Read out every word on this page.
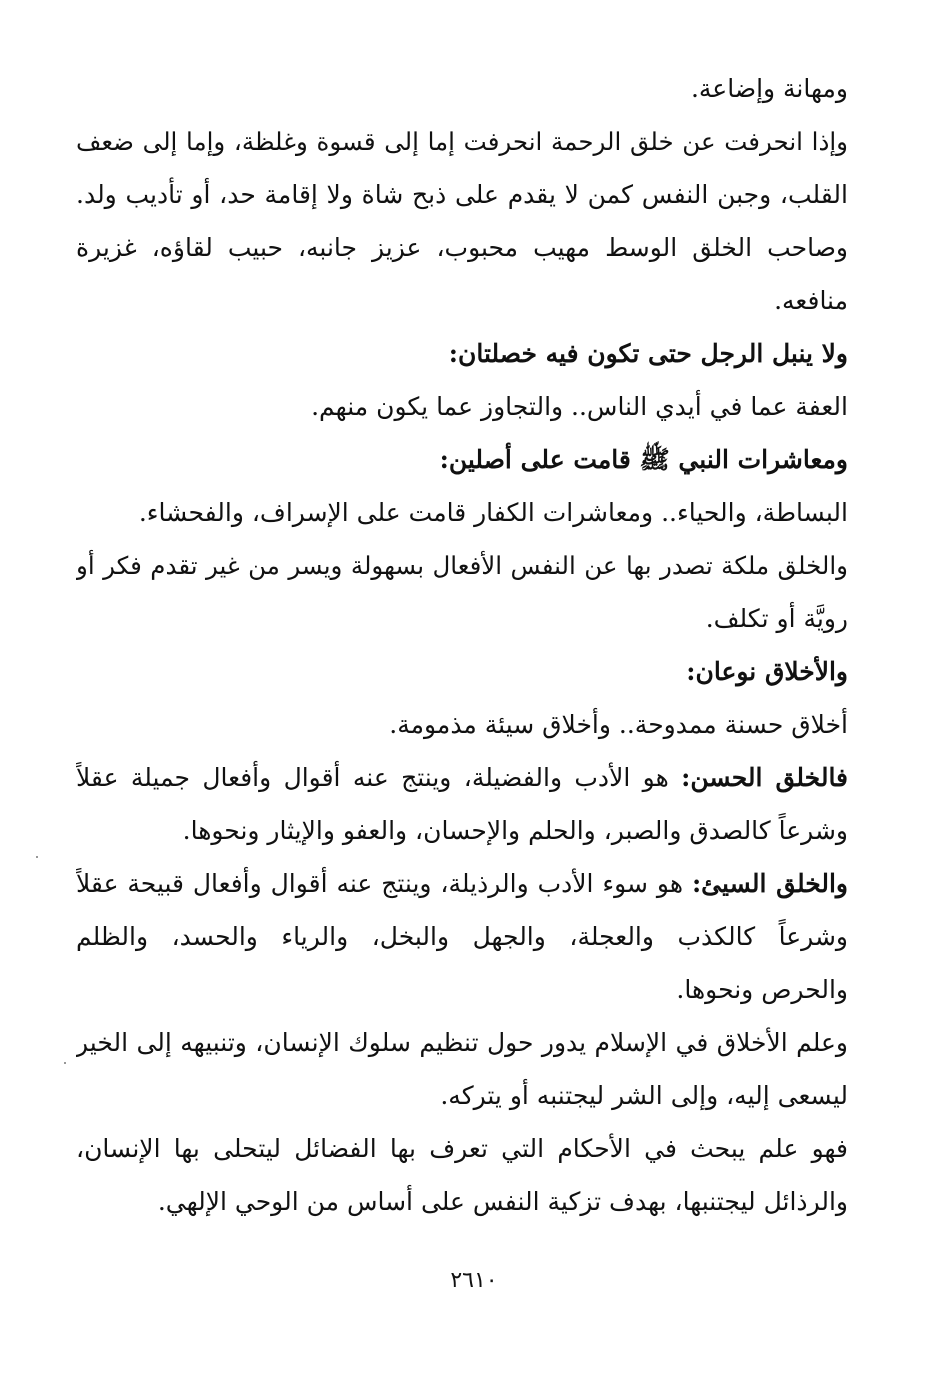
ومهانة وإضاعة.
وإذا انحرفت عن خلق الرحمة انحرفت إما إلى قسوة وغلظة، وإما إلى ضعف
القلب، وجبن النفس كمن لا يقدم على ذبح شاة ولا إقامة حد، أو تأديب ولد.
وصاحب الخلق الوسط مهيب محبوب، عزيز جانبه، حبيب لقاؤه، غزيرة
منافعه.
ولا ينبل الرجل حتى تكون فيه خصلتان:
العفة عما في أيدي الناس.. والتجاوز عما يكون منهم.
ومعاشرات النبي ﷺ قامت على أصلين:
البساطة، والحياء.. ومعاشرات الكفار قامت على الإسراف، والفحشاء.
والخلق ملكة تصدر بها عن النفس الأفعال بسهولة ويسر من غير تقدم فكر أو
رويَّة أو تكلف.
والأخلاق نوعان:
أخلاق حسنة ممدوحة.. وأخلاق سيئة مذمومة.
فالخلق الحسن: هو الأدب والفضيلة، وينتج عنه أقوال وأفعال جميلة عقلاً
وشرعاً كالصدق والصبر، والحلم والإحسان، والعفو والإيثار ونحوها.
والخلق السيئ: هو سوء الأدب والرذيلة، وينتج عنه أقوال وأفعال قبيحة عقلاً
وشرعاً كالكذب والعجلة، والجهل والبخل، والرياء والحسد، والظلم
والحرص ونحوها.
وعلم الأخلاق في الإسلام يدور حول تنظيم سلوك الإنسان، وتنبيهه إلى الخير
ليسعى إليه، وإلى الشر ليجتنبه أو يتركه.
فهو علم يبحث في الأحكام التي تعرف بها الفضائل ليتحلى بها الإنسان،
والرذائل ليجتنبها، بهدف تزكية النفس على أساس من الوحي الإلهي.
٢٦١٠
